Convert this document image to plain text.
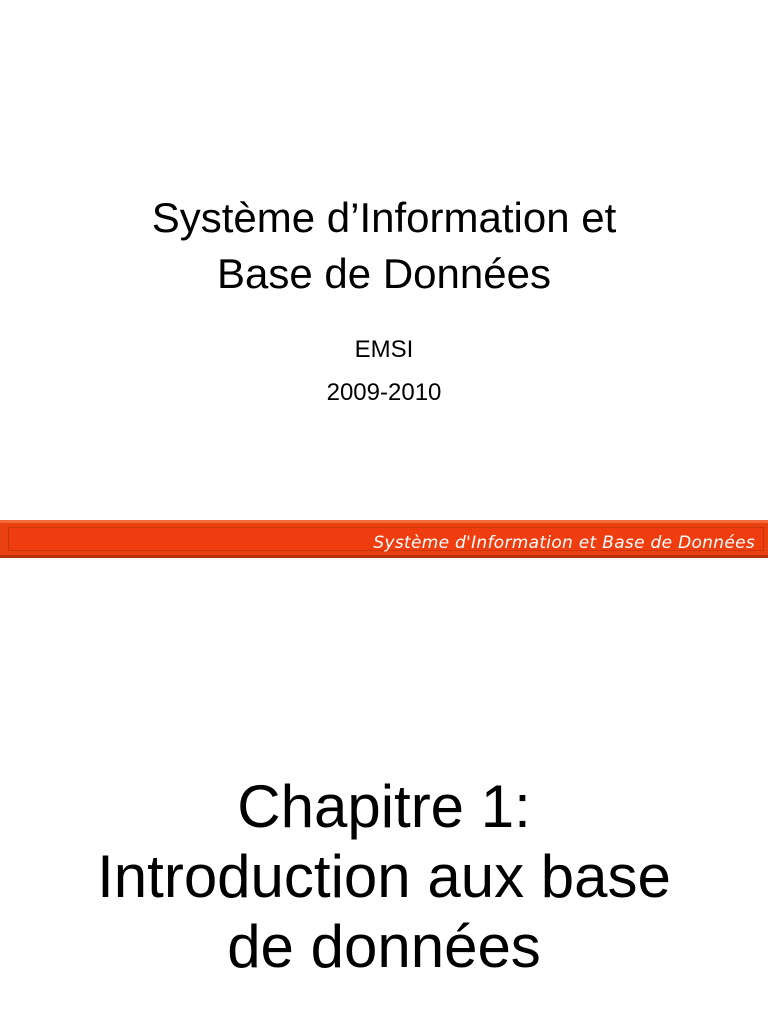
Système d’Information et
Base de Données

EMSI

2009-2010

Système d'Information et Base de Données
Chapitre 1:
Introduction aux base
de données
